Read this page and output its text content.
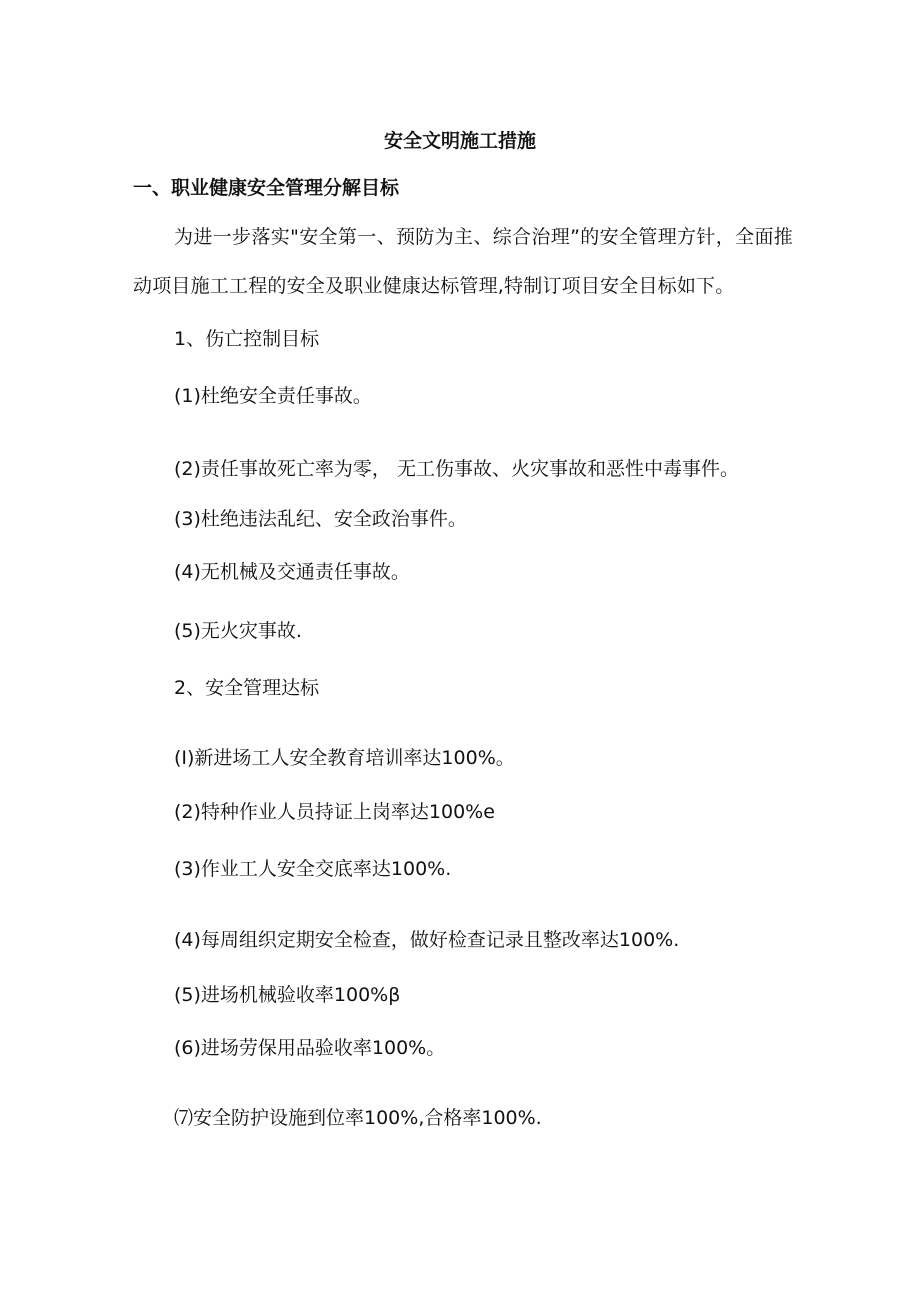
安全文明施工措施
一、职业健康安全管理分解目标
为进一步落实"安全第一、预防为主、综合治理”的安全管理方针，全面推动项目施工工程的安全及职业健康达标管理,特制订项目安全目标如下。
1、伤亡控制目标
(1)杜绝安全责任事故。
(2)责任事故死亡率为零， 无工伤事故、火灾事故和恶性中毒事件。
(3)杜绝违法乱纪、安全政治事件。
(4)无机械及交通责任事故。
(5)无火灾事故.
2、安全管理达标
(I)新进场工人安全教育培训率达100%。
(2)特种作业人员持证上岗率达100%e
(3)作业工人安全交底率达100%.
(4)每周组织定期安全检查，做好检查记录且整改率达100%.
(5)进场机械验收率100%β
(6)进场劳保用品验收率100%。
⑺安全防护设施到位率100%,合格率100%.
